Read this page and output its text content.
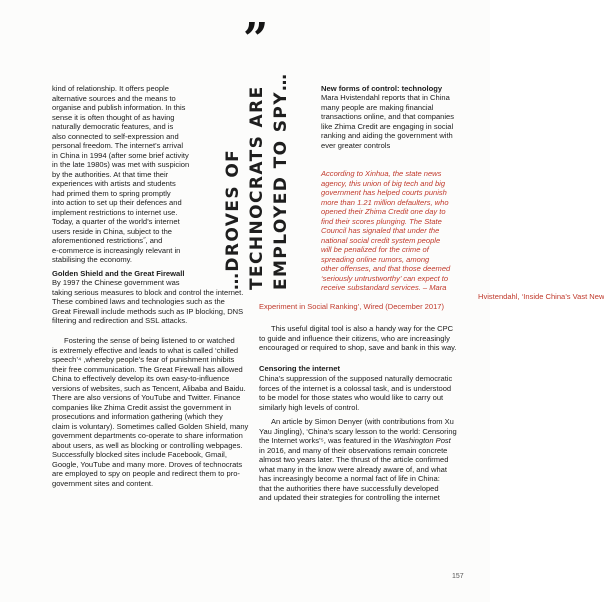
”
…DROVES OF TECHNOCRATS ARE EMPLOYED TO SPY…
kind of relationship. It offers people
alternative sources and the means to
organise and publish information. In this
sense it is often thought of as having
naturally democratic features, and is
also connected to self-expression and
personal freedom. The internet’s arrival
in China in 1994 (after some brief activity
in the late 1980s) was met with suspicion
by the authorities. At that time their
experiences with artists and students
had primed them to spring promptly
into action to set up their defences and
implement restrictions to internet use.
Today, a quarter of the world’s internet
users reside in China, subject to the
aforementioned restrictions˝, and
e-commerce is increasingly relevant in
stabilising the economy.
Golden Shield and the Great Firewall
By 1997 the Chinese government was
taking serious measures to block and control the internet.
These combined laws and technologies such as the
Great Firewall include methods such as IP blocking, DNS
filtering and redirection and SSL attacks.
Fostering the sense of being listened to or watched
is extremely effective and leads to what is called ‘chilled
speech’⁴ ,whereby people’s fear of punishment inhibits
their free communication. The Great Firewall has allowed
China to effectively develop its own easy-to-influence
versions of websites, such as Tencent, Alibaba and Baidu.
There are also versions of YouTube and Twitter. Finance
companies like Zhima Credit assist the government in
prosecutions and information gathering (which they
claim is voluntary). Sometimes called Golden Shield, many
government departments co-operate to share information
about users, as well as blocking or controlling webpages.
Successfully blocked sites include Facebook, Gmail,
Google, YouTube and many more. Droves of technocrats
are employed to spy on people and redirect them to pro-
government sites and content.
New forms of control: technology
Mara Hvistendahl reports that in China
many people are making financial
transactions online, and that companies
like Zhima Credit are engaging in social
ranking and aiding the government with
ever greater controls
According to Xinhua, the state news
agency, this union of big tech and big
government has helped courts punish
more than 1.21 million defaulters, who
opened their Zhima Credit one day to
find their scores plunging. The State
Council has signaled that under the
national social credit system people
will be penalized for the crime of
spreading online rumors, among
other offenses, and that those deemed
‘seriously untrustworthy’ can expect to
receive substandard services. – Mara
Hvistendahl, ‘Inside China’s Vast New
Experiment in Social Ranking’, Wired (December 2017)
This useful digital tool is also a handy way for the CPC
to guide and influence their citizens, who are increasingly
encouraged or required to shop, save and bank in this way.
Censoring the internet
China’s suppression of the supposed naturally democratic
forces of the internet is a colossal task, and is understood
to be model for those states who would like to carry out
similarly high levels of control.
An article by Simon Denyer (with contributions from Xu
Yau Jingling), ‘China’s scary lesson to the world: Censoring
the Internet works’⁵, was featured in the Washington Post
in 2016, and many of their observations remain concrete
almost two years later. The thrust of the article confirmed
what many in the know were already aware of, and what
has increasingly become a normal fact of life in China:
that the authorities there have successfully developed
and updated their strategies for controlling the internet
157
